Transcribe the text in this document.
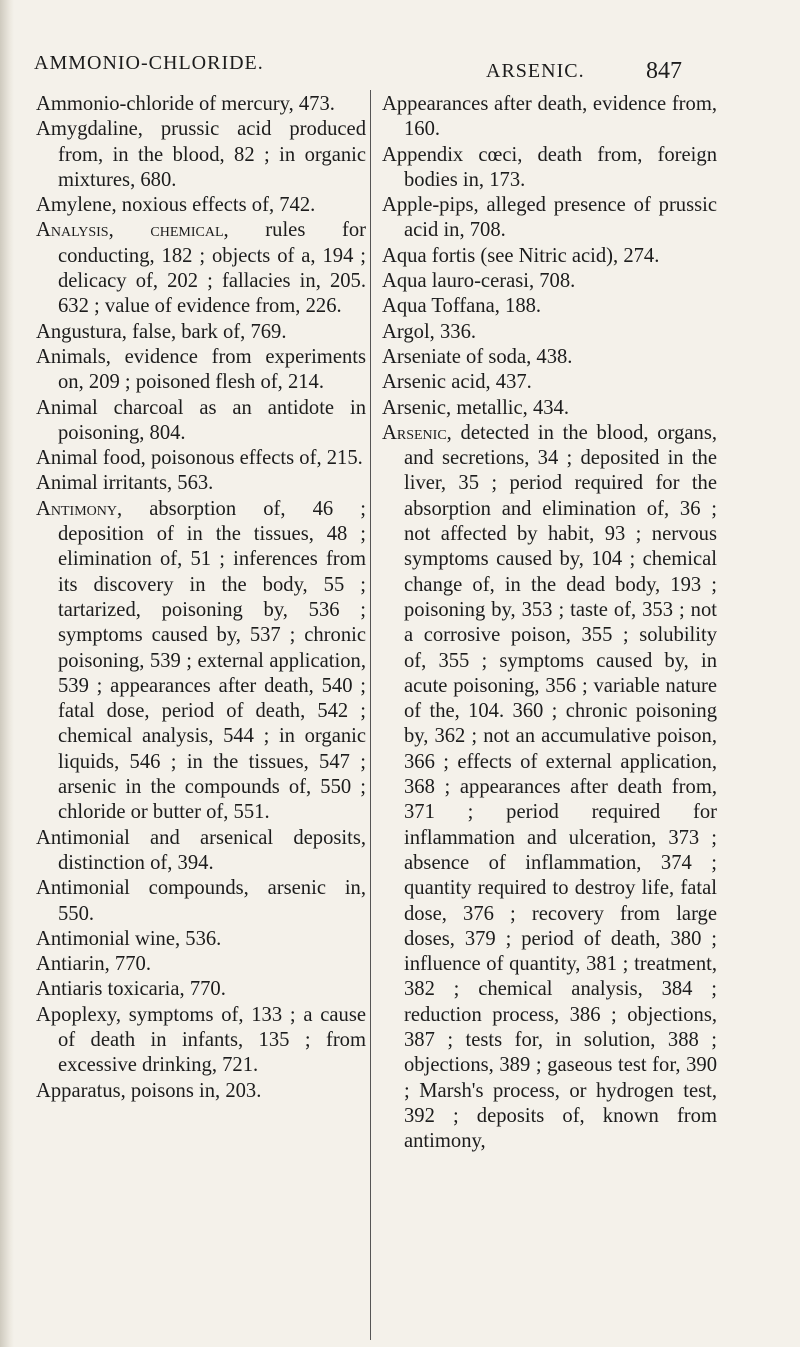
AMMONIO-CHLORIDE.	ARSENIC.	847

Ammonio-chloride of mercury, 473.

Amygdaline, prussic acid produced from, in the blood, 82 ; in organic mixtures, 680.

Amylene, noxious effects of, 742.

Analysis, chemical, rules for conducting, 182 ; objects of a, 194 ; delicacy of, 202 ; fallacies in, 205. 632 ; value of evidence from, 226.

Angustura, false, bark of, 769.

Animals, evidence from experiments on, 209 ; poisoned flesh of, 214.

Animal charcoal as an antidote in poisoning, 804.

Animal food, poisonous effects of, 215.

Animal irritants, 563.

Antimony, absorption of, 46 ; deposition of in the tissues, 48 ; elimination of, 51 ; inferences from its discovery in the body, 55 ; tartarized, poisoning by, 536 ; symptoms caused by, 537 ; chronic poisoning, 539 ; external application, 539 ; appearances after death, 540 ; fatal dose, period of death, 542 ; chemical analysis, 544 ; in organic liquids, 546 ; in the tissues, 547 ; arsenic in the compounds of, 550 ; chloride or butter of, 551.

Antimonial and arsenical deposits, distinction of, 394.

Antimonial compounds, arsenic in, 550.

Antimonial wine, 536.

Antiarin, 770.

Antiaris toxicaria, 770.

Apoplexy, symptoms of, 133 ; a cause of death in infants, 135 ; from excessive drinking, 721.

Apparatus, poisons in, 203.

Appearances after death, evidence from, 160.

Appendix cœci, death from, foreign bodies in, 173.

Apple-pips, alleged presence of prussic acid in, 708.

Aqua fortis (see Nitric acid), 274.

Aqua lauro-cerasi, 708.

Aqua Toffana, 188.

Argol, 336.

Arseniate of soda, 438.

Arsenic acid, 437.

Arsenic, metallic, 434.

Arsenic, detected in the blood, organs, and secretions, 34 ; deposited in the liver, 35 ; period required for the absorption and elimination of, 36 ; not affected by habit, 93 ; nervous symptoms caused by, 104 ; chemical change of, in the dead body, 193 ; poisoning by, 353 ; taste of, 353 ; not a corrosive poison, 355 ; solubility of, 355 ; symptoms caused by, in acute poisoning, 356 ; variable nature of the, 104. 360 ; chronic poisoning by, 362 ; not an accumulative poison, 366 ; effects of external application, 368 ; appearances after death from, 371 ; period required for inflammation and ulceration, 373 ; absence of inflammation, 374 ; quantity required to destroy life, fatal dose, 376 ; recovery from large doses, 379 ; period of death, 380 ; influence of quantity, 381 ; treatment, 382 ; chemical analysis, 384 ; reduction process, 386 ; objections, 387 ; tests for, in solution, 388 ; objections, 389 ; gaseous test for, 390 ; Marsh's process, or hydrogen test, 392 ; deposits of, known from antimony,
